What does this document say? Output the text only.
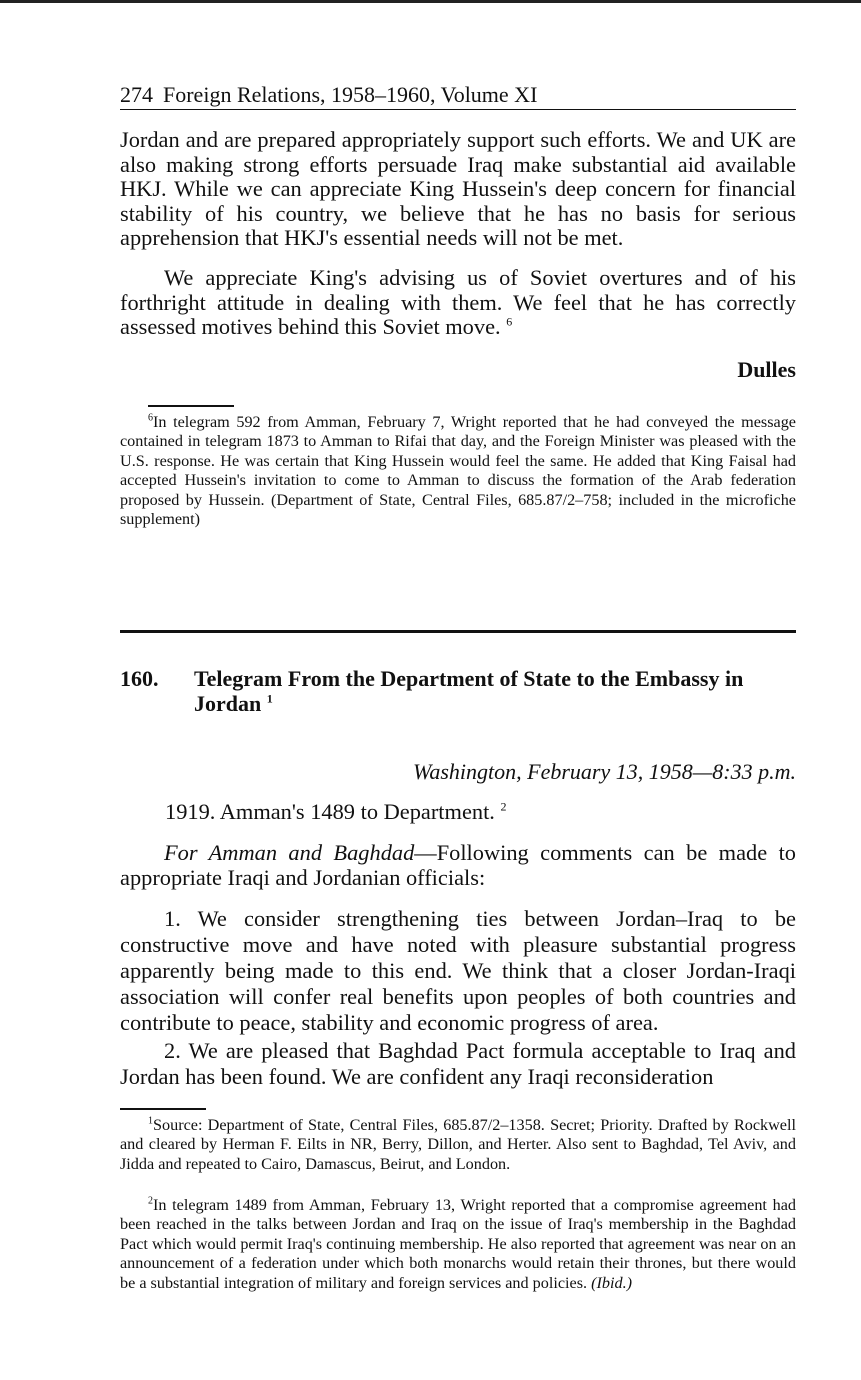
274 Foreign Relations, 1958–1960, Volume XI

Jordan and are prepared appropriately support such efforts. We and UK are also making strong efforts persuade Iraq make substantial aid available HKJ. While we can appreciate King Hussein's deep concern for financial stability of his country, we believe that he has no basis for serious apprehension that HKJ's essential needs will not be met.

We appreciate King's advising us of Soviet overtures and of his forthright attitude in dealing with them. We feel that he has correctly assessed motives behind this Soviet move. $^6$

Dulles

$^6$In telegram 592 from Amman, February 7, Wright reported that he had conveyed the message contained in telegram 1873 to Amman to Rifai that day, and the Foreign Minister was pleased with the U.S. response. He was certain that King Hussein would feel the same. He added that King Faisal had accepted Hussein's invitation to come to Amman to discuss the formation of the Arab federation proposed by Hussein. (Department of State, Central Files, 685.87/2–758; included in the microfiche supplement)

160. Telegram From the Department of State to the Embassy in Jordan $^1$
Washington, February 13, 1958—8:33 p.m.
1919. Amman's 1489 to Department. $^2$

For Amman and Baghdad—Following comments can be made to appropriate Iraqi and Jordanian officials:

1. We consider strengthening ties between Jordan–Iraq to be constructive move and have noted with pleasure substantial progress apparently being made to this end. We think that a closer Jordan-Iraqi association will confer real benefits upon peoples of both countries and contribute to peace, stability and economic progress of area.

2. We are pleased that Baghdad Pact formula acceptable to Iraq and Jordan has been found. We are confident any Iraqi reconsideration

$^1$Source: Department of State, Central Files, 685.87/2–1358. Secret; Priority. Drafted by Rockwell and cleared by Herman F. Eilts in NR, Berry, Dillon, and Herter. Also sent to Baghdad, Tel Aviv, and Jidda and repeated to Cairo, Damascus, Beirut, and London.

$^2$In telegram 1489 from Amman, February 13, Wright reported that a compromise agreement had been reached in the talks between Jordan and Iraq on the issue of Iraq's membership in the Baghdad Pact which would permit Iraq's continuing membership. He also reported that agreement was near on an announcement of a federation under which both monarchs would retain their thrones, but there would be a substantial integration of military and foreign services and policies. (Ibid.)
